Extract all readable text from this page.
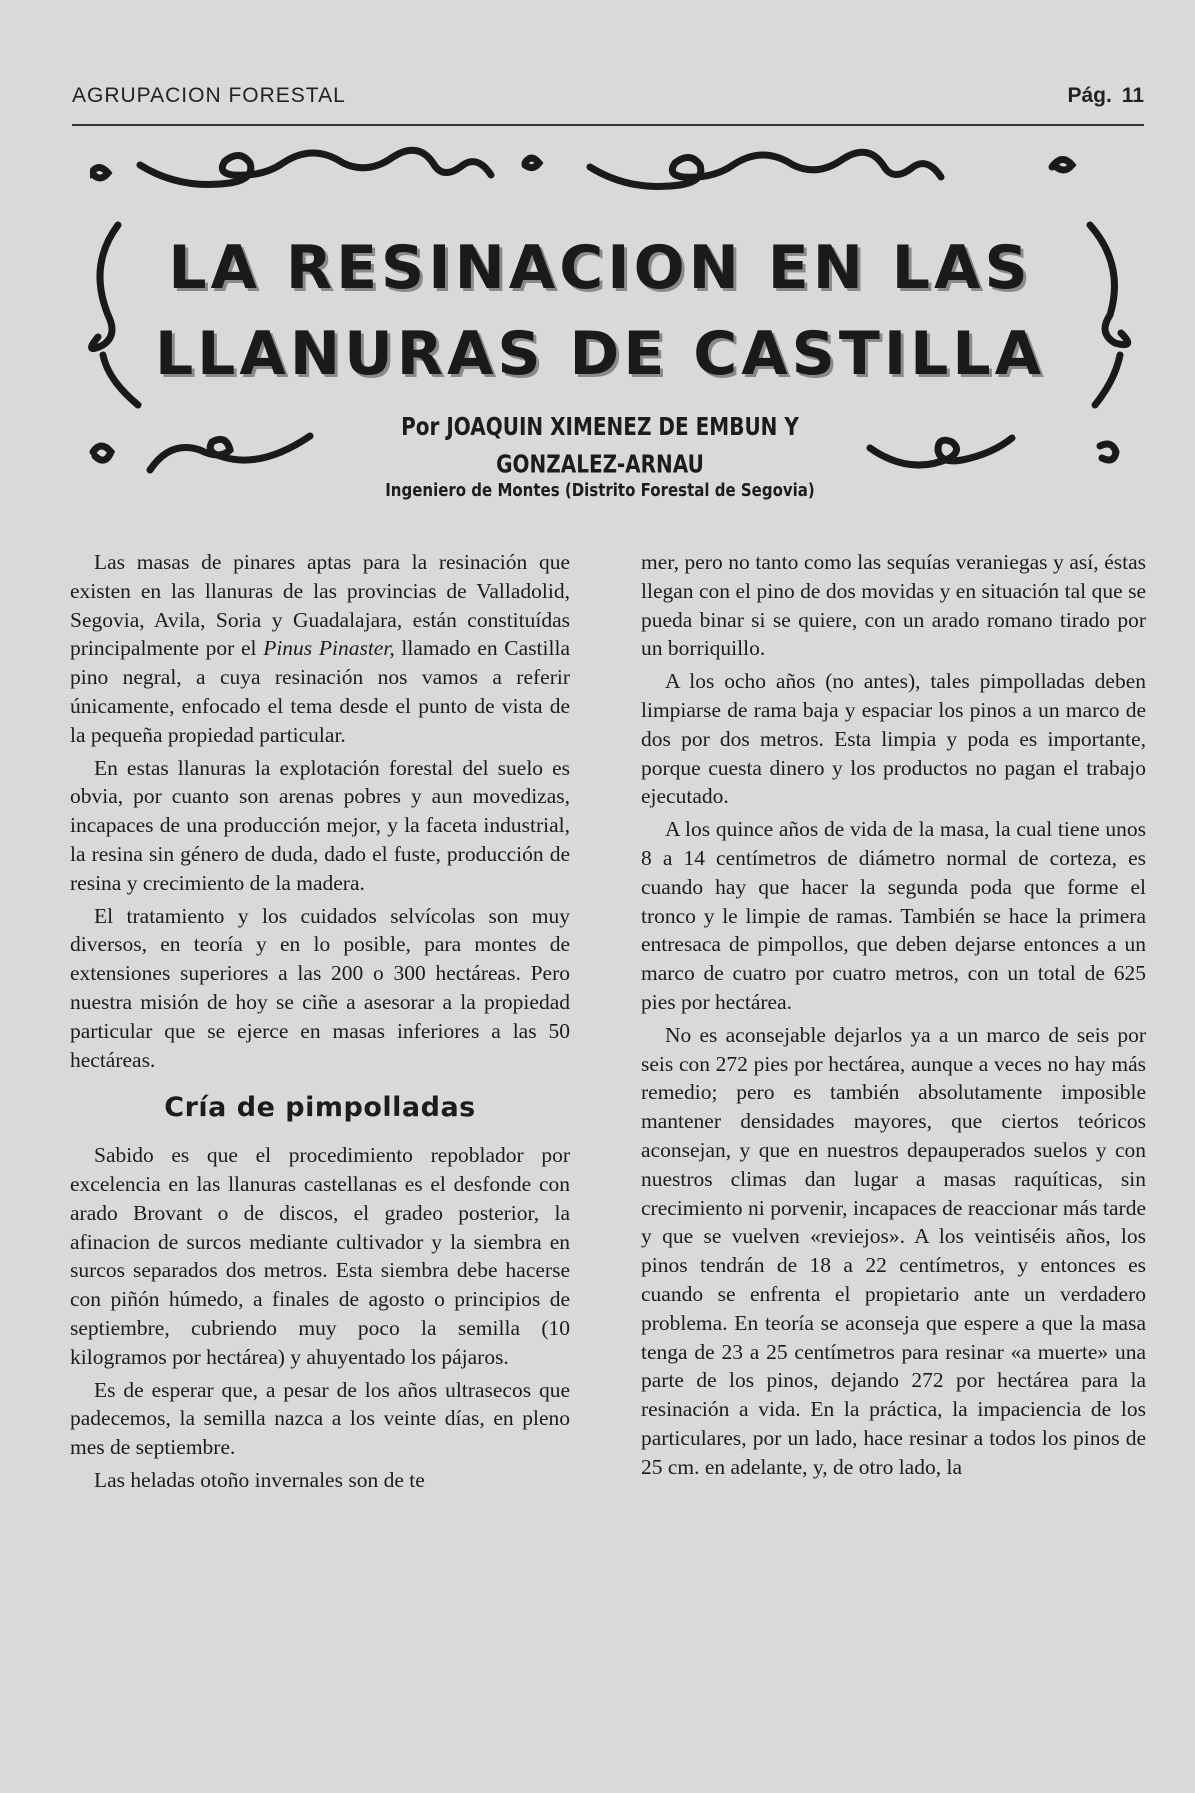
AGRUPACION FORESTAL	Pág. 11
LA RESINACION EN LAS
LLANURAS DE CASTILLA
Por JOAQUIN XIMENEZ DE EMBUN Y GONZALEZ-ARNAU
Ingeniero de Montes (Distrito Forestal de Segovia)

Las masas de pinares aptas para la resinación que existen en las llanuras de las provincias de Valladolid, Segovia, Avila, Soria y Guadalajara, están constituídas principalmente por el Pinus Pinaster, llamado en Castilla pino negral, a cuya resinación nos vamos a referir únicamente, enfocado el tema desde el punto de vista de la pequeña propiedad particular.

En estas llanuras la explotación forestal del suelo es obvia, por cuanto son arenas pobres y aun movedizas, incapaces de una producción mejor, y la faceta industrial, la resina sin género de duda, dado el fuste, producción de resina y crecimiento de la madera.

El tratamiento y los cuidados selvícolas son muy diversos, en teoría y en lo posible, para montes de extensiones superiores a las 200 o 300 hectáreas. Pero nuestra misión de hoy se ciñe a asesorar a la propiedad particular que se ejerce en masas inferiores a las 50 hectáreas.

Cría de pimpolladas

Sabido es que el procedimiento repoblador por excelencia en las llanuras castellanas es el desfonde con arado Brovant o de discos, el gradeo posterior, la afinacion de surcos mediante cultivador y la siembra en surcos separados dos metros. Esta siembra debe hacerse con piñón húmedo, a finales de agosto o principios de septiembre, cubriendo muy poco la semilla (10 kilogramos por hectárea) y ahuyentado los pájaros.

Es de esperar que, a pesar de los años ultrasecos que padecemos, la semilla nazca a los veinte días, en pleno mes de septiembre.

Las heladas otoño invernales son de te

mer, pero no tanto como las sequías veraniegas y así, éstas llegan con el pino de dos movidas y en situación tal que se pueda binar si se quiere, con un arado romano tirado por un borriquillo.

A los ocho años (no antes), tales pimpolladas deben limpiarse de rama baja y espaciar los pinos a un marco de dos por dos metros. Esta limpia y poda es importante, porque cuesta dinero y los productos no pagan el trabajo ejecutado.

A los quince años de vida de la masa, la cual tiene unos 8 a 14 centímetros de diámetro normal de corteza, es cuando hay que hacer la segunda poda que forme el tronco y le limpie de ramas. También se hace la primera entresaca de pimpollos, que deben dejarse entonces a un marco de cuatro por cuatro metros, con un total de 625 pies por hectárea.

No es aconsejable dejarlos ya a un marco de seis por seis con 272 pies por hectárea, aunque a veces no hay más remedio; pero es también absolutamente imposible mantener densidades mayores, que ciertos teóricos aconsejan, y que en nuestros depauperados suelos y con nuestros climas dan lugar a masas raquíticas, sin crecimiento ni porvenir, incapaces de reaccionar más tarde y que se vuelven «reviejos». A los veintiséis años, los pinos tendrán de 18 a 22 centímetros, y entonces es cuando se enfrenta el propietario ante un verdadero problema. En teoría se aconseja que espere a que la masa tenga de 23 a 25 centímetros para resinar «a muerte» una parte de los pinos, dejando 272 por hectárea para la resinación a vida. En la práctica, la impaciencia de los particulares, por un lado, hace resinar a todos los pinos de 25 cm. en adelante, y, de otro lado, la
